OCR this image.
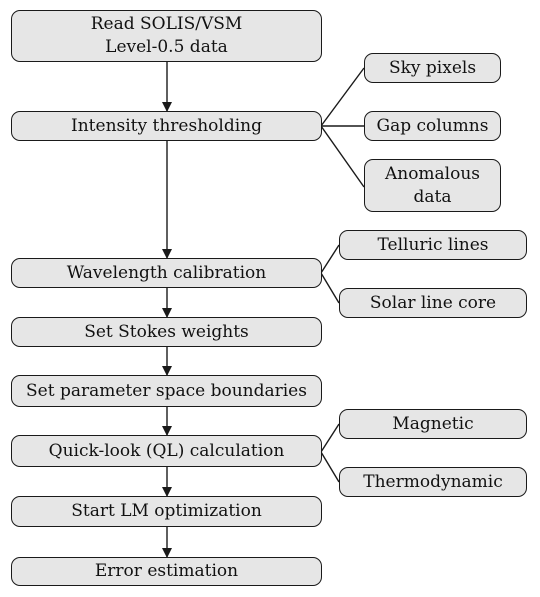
Read SOLIS/VSM
Level-0.5 data
Intensity thresholding
Wavelength calibration
Set Stokes weights
Set parameter space boundaries
Quick-look (QL) calculation
Start LM optimization
Error estimation
Sky pixels
Gap columns
Anomalous
data
Telluric lines
Solar line core
Magnetic
Thermodynamic
